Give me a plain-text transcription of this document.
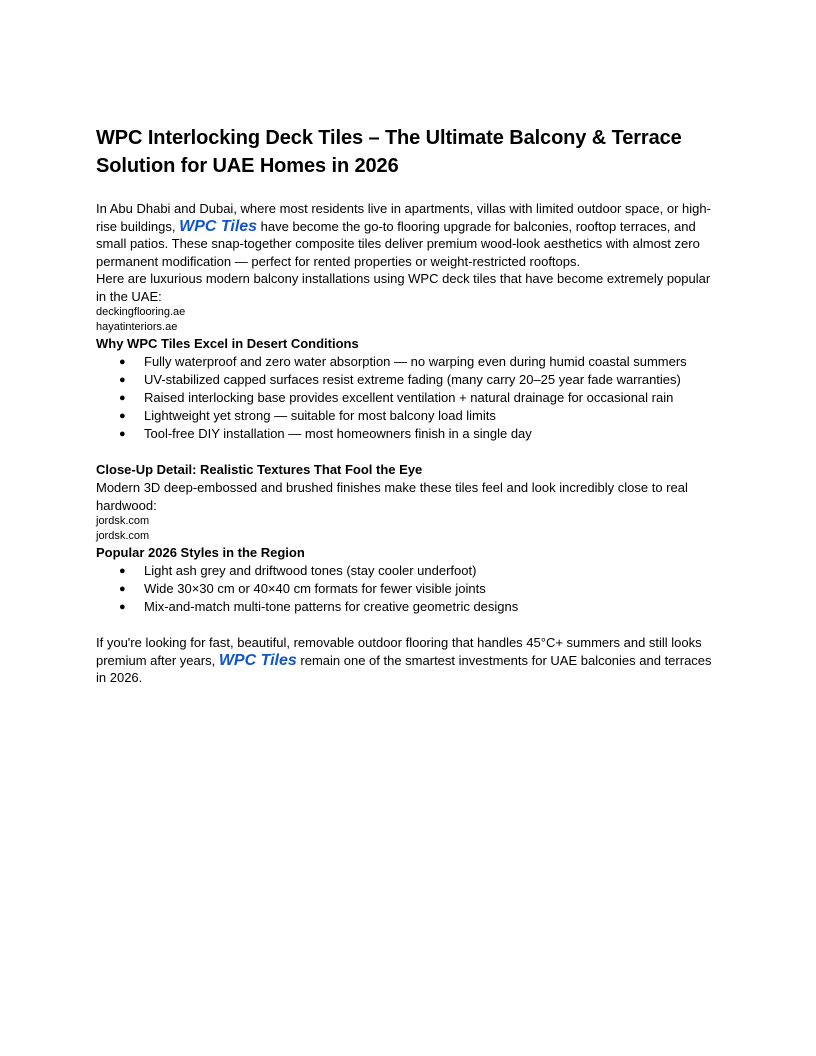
WPC Interlocking Deck Tiles – The Ultimate Balcony & Terrace Solution for UAE Homes in 2026

In Abu Dhabi and Dubai, where most residents live in apartments, villas with limited outdoor space, or high-rise buildings, WPC Tiles have become the go-to flooring upgrade for balconies, rooftop terraces, and small patios. These snap-together composite tiles deliver premium wood-look aesthetics with almost zero permanent modification — perfect for rented properties or weight-restricted rooftops.

Here are luxurious modern balcony installations using WPC deck tiles that have become extremely popular in the UAE:

deckingflooring.ae

hayatinteriors.ae

Why WPC Tiles Excel in Desert Conditions

● Fully waterproof and zero water absorption — no warping even during humid coastal summers
● UV-stabilized capped surfaces resist extreme fading (many carry 20–25 year fade warranties)
● Raised interlocking base provides excellent ventilation + natural drainage for occasional rain
● Lightweight yet strong — suitable for most balcony load limits
● Tool-free DIY installation — most homeowners finish in a single day

Close-Up Detail: Realistic Textures That Fool the Eye

Modern 3D deep-embossed and brushed finishes make these tiles feel and look incredibly close to real hardwood:

jordsk.com

jordsk.com

Popular 2026 Styles in the Region

● Light ash grey and driftwood tones (stay cooler underfoot)
● Wide 30×30 cm or 40×40 cm formats for fewer visible joints
● Mix-and-match multi-tone patterns for creative geometric designs

If you're looking for fast, beautiful, removable outdoor flooring that handles 45°C+ summers and still looks premium after years, WPC Tiles remain one of the smartest investments for UAE balconies and terraces in 2026.
